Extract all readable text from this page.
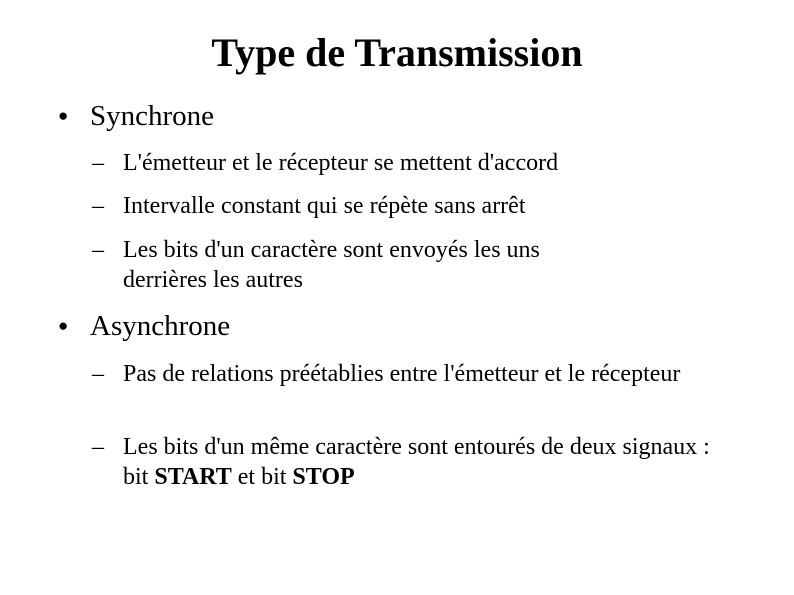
Type de Transmission
● Synchrone
– L'émetteur et le récepteur se mettent d'accord
– Intervalle constant qui se répète sans arrêt
– Les bits d'un caractère sont envoyés les uns derrières les autres
● Asynchrone
– Pas de relations préétablies entre l'émetteur et le récepteur
– Les bits d'un même caractère sont entourés de deux signaux : bit START et bit STOP
